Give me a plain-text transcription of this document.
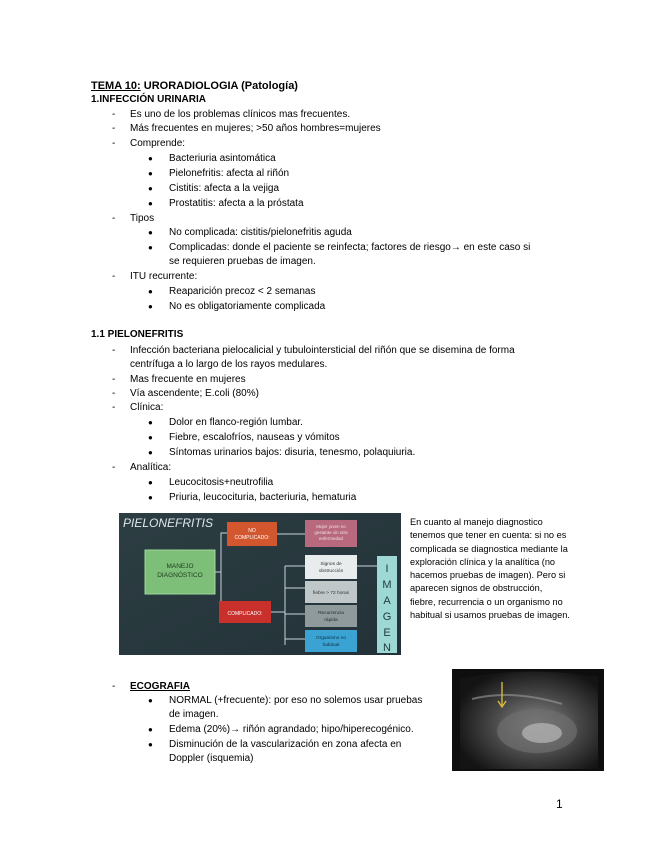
TEMA 10: URORADIOLOGIA (Patología)
1.INFECCIÓN URINARIA
- Es uno de los problemas clínicos mas frecuentes.
- Más frecuentes en mujeres; >50 años hombres=mujeres
- Comprende:
● Bacteriuria asintomática
● Pielonefritis: afecta al riñón
● Cistitis: afecta a la vejiga
● Prostatitis: afecta a la próstata
- Tipos
● No complicada: cistitis/pielonefritis aguda
● Complicadas: donde el paciente se reinfecta; factores de riesgo→ en este caso si
se requieren pruebas de imagen.
- ITU recurrente:
● Reaparición precoz < 2 semanas
● No es obligatoriamente complicada
1.1 PIELONEFRITIS
- Infección bacteriana pielocalicial y tubulointersticial del riñón que se disemina de forma
centrífuga a lo largo de los rayos medulares.
- Mas frecuente en mujeres
- Vía ascendente; E.coli (80%)
- Clínica:
● Dolor en flanco-región lumbar.
● Fiebre, escalofríos, nauseas y vómitos
● Síntomas urinarios bajos: disuria, tenesmo, polaquiuria.
- Analítica:
● Leucocitosis+neutrofilia
● Priuria, leucocituria, bacteriuria, hematuria
PIELONEFRITIS
MANEJO
DIAGNÓSTICO
NO
COMPLICADO:
Mujer joven no
gestante sin otra
enfermedad
COMPLICADO:
Signos de
obstrucción
fiebre > 72 horas
Recurrencia
rápida
Organismo no
habitual
I
M
A
G
E
N
En cuanto al manejo diagnostico tenemos que tener en cuenta: si no es complicada se diagnostica mediante la exploración clínica y la analítica (no hacemos pruebas de imagen). Pero si aparecen signos de obstrucción, fiebre, recurrencia o un organismo no habitual si usamos pruebas de imagen.
- ECOGRAFIA
● NORMAL (+frecuente): por eso no solemos usar pruebas
de imagen.
● Edema (20%)→ riñón agrandado; hipo/hiperecogénico.
● Disminución de la vascularización en zona afecta en
Doppler (isquemia)
1
